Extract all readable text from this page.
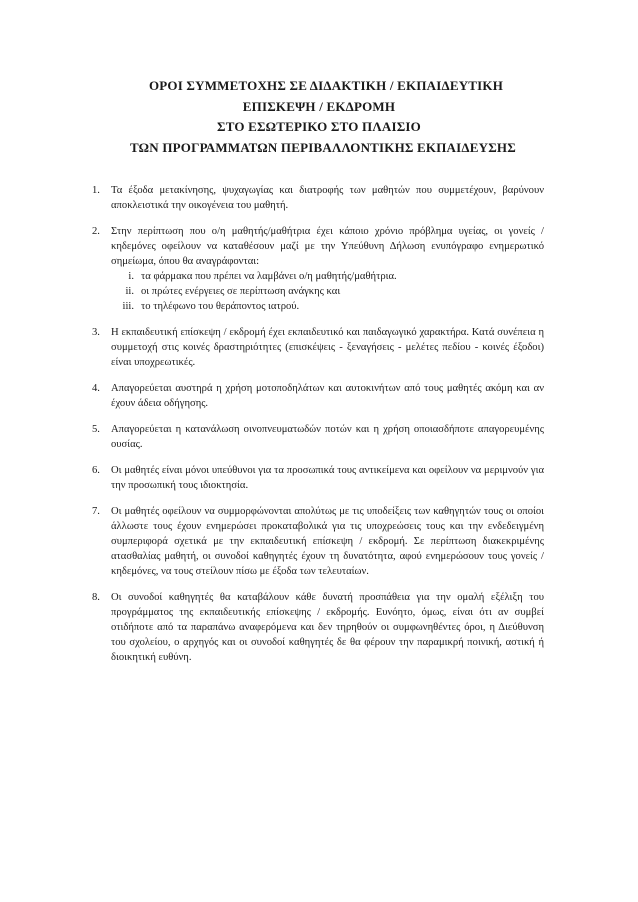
ΟΡΟΙ ΣΥΜΜΕΤΟΧΗΣ ΣΕ ΔΙΔΑΚΤΙΚΗ / ΕΚΠΑΙΔΕΥΤΙΚΗ
ΕΠΙΣΚΕΨΗ / ΕΚΔΡΟΜΗ
ΣΤΟ ΕΣΩΤΕΡΙΚΟ ΣΤΟ ΠΛΑΙΣΙΟ
ΤΩΝ ΠΡΟΓΡΑΜΜΑΤΩΝ ΠΕΡΙΒΑΛΛΟΝΤΙΚΗΣ ΕΚΠΑΙΔΕΥΣΗΣ
1.	Τα έξοδα μετακίνησης, ψυχαγωγίας και διατροφής των μαθητών που συμμετέχουν, βαρύνουν αποκλειστικά την οικογένεια του μαθητή.
2.	Στην περίπτωση που ο/η μαθητής/μαθήτρια έχει κάποιο χρόνιο πρόβλημα υγείας, οι γονείς / κηδεμόνες οφείλουν να καταθέσουν μαζί με την Υπεύθυνη Δήλωση ενυπόγραφο ενημερωτικό σημείωμα, όπου θα αναγράφονται:
i. τα φάρμακα που πρέπει να λαμβάνει ο/η μαθητής/μαθήτρια.
ii. οι πρώτες ενέργειες σε περίπτωση ανάγκης και
iii. το τηλέφωνο του θεράποντος ιατρού.
3.	Η εκπαιδευτική επίσκεψη / εκδρομή έχει εκπαιδευτικό και παιδαγωγικό χαρακτήρα. Κατά συνέπεια η συμμετοχή στις κοινές δραστηριότητες (επισκέψεις - ξεναγήσεις - μελέτες πεδίου - κοινές έξοδοι) είναι υποχρεωτικές.
4.	Απαγορεύεται αυστηρά η χρήση μοτοποδηλάτων και αυτοκινήτων από τους μαθητές ακόμη και αν έχουν άδεια οδήγησης.
5.	Απαγορεύεται η κατανάλωση οινοπνευματωδών ποτών και η χρήση οποιασδήποτε απαγορευμένης ουσίας.
6.	Οι μαθητές είναι μόνοι υπεύθυνοι για τα προσωπικά τους αντικείμενα και οφείλουν να μεριμνούν για την προσωπική τους ιδιοκτησία.
7.	Οι μαθητές οφείλουν να συμμορφώνονται απολύτως με τις υποδείξεις των καθηγητών τους οι οποίοι άλλωστε τους έχουν ενημερώσει προκαταβολικά για τις υποχρεώσεις τους και την ενδεδειγμένη συμπεριφορά σχετικά με την εκπαιδευτική επίσκεψη / εκδρομή. Σε περίπτωση διακεκριμένης ατασθαλίας μαθητή, οι συνοδοί καθηγητές έχουν τη δυνατότητα, αφού ενημερώσουν τους γονείς / κηδεμόνες, να τους στείλουν πίσω με έξοδα των τελευταίων.
8.	Οι συνοδοί καθηγητές θα καταβάλουν κάθε δυνατή προσπάθεια για την ομαλή εξέλιξη του προγράμματος της εκπαιδευτικής επίσκεψης / εκδρομής. Ευνόητο, όμως, είναι ότι αν συμβεί οτιδήποτε από τα παραπάνω αναφερόμενα και δεν τηρηθούν οι συμφωνηθέντες όροι, η Διεύθυνση του σχολείου, ο αρχηγός και οι συνοδοί καθηγητές δε θα φέρουν την παραμικρή ποινική, αστική ή διοικητική ευθύνη.
